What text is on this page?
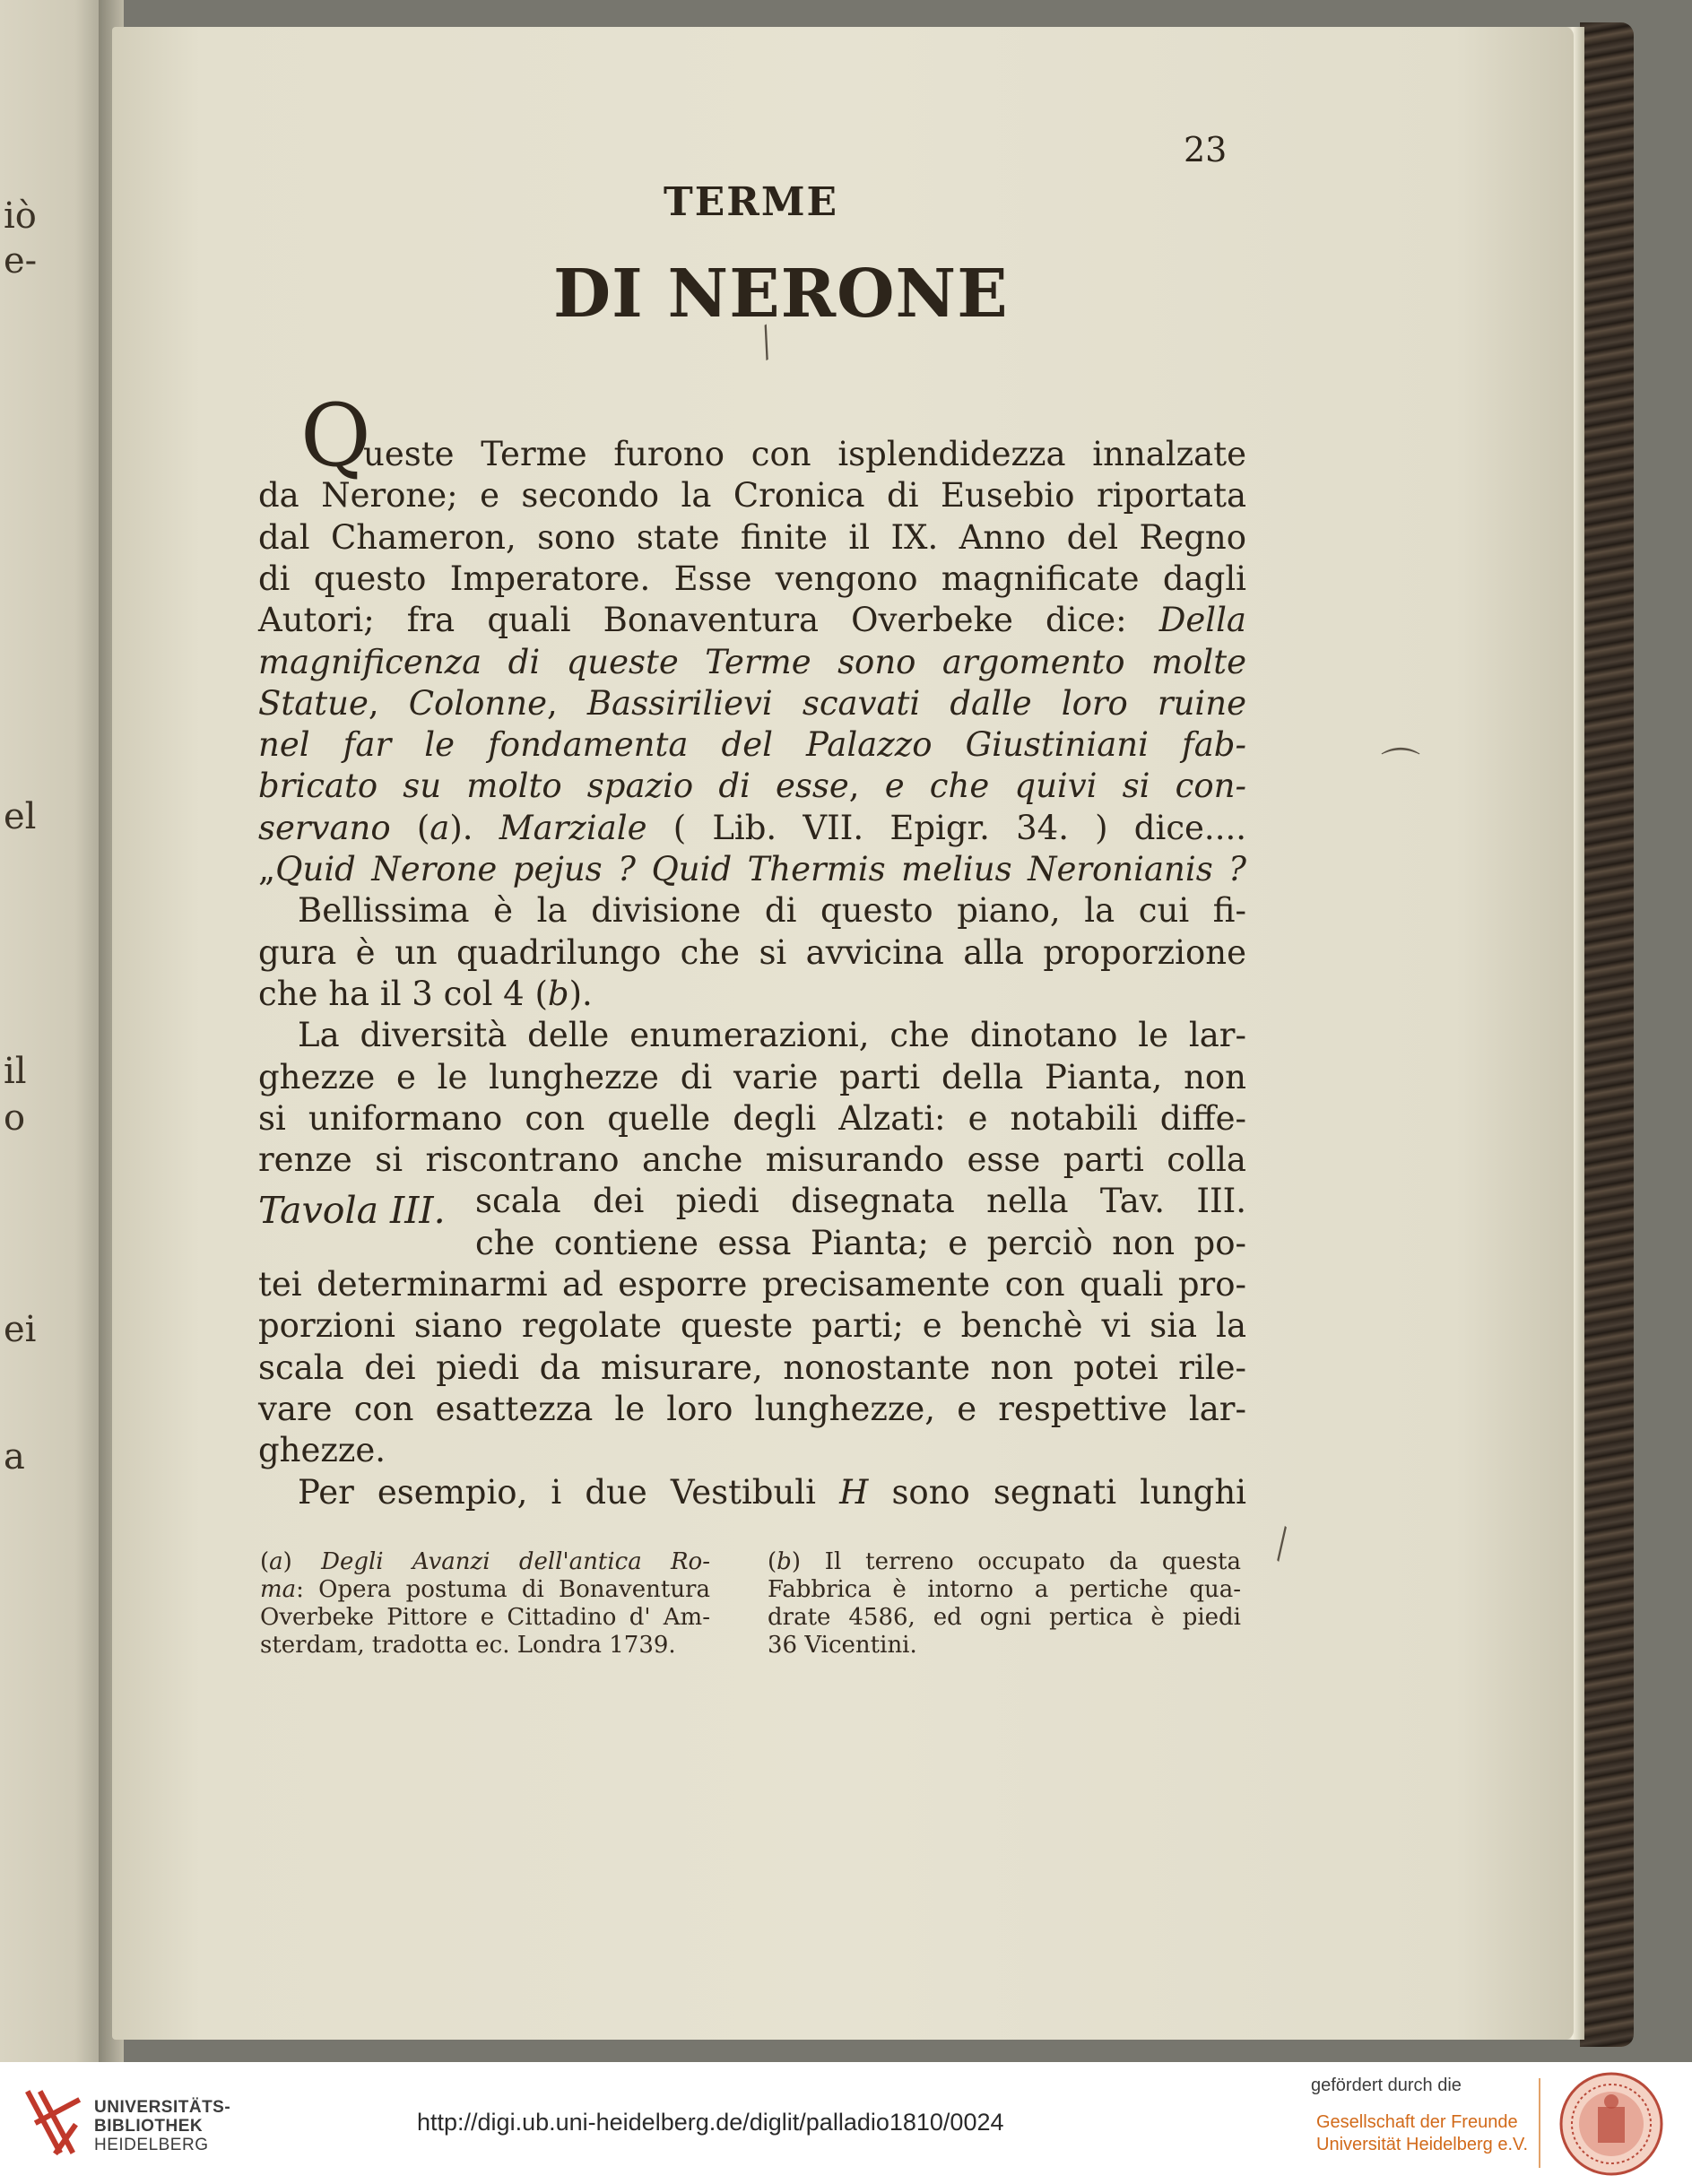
iò
e-
el
il
o
ei
a
23
TERME
DI NERONE
Q
ueste Terme furono con isplendidezza innalzate
da Nerone; e secondo la Cronica di Eusebio riportata
dal Chameron, sono state finite il IX. Anno del Regno
di questo Imperatore. Esse vengono magnificate dagli
Autori; fra quali Bonaventura Overbeke dice: Della
magnificenza di queste Terme sono argomento molte
Statue, Colonne, Bassirilievi scavati dalle loro ruine
nel far le fondamenta del Palazzo Giustiniani fab-
bricato su molto spazio di esse, e che quivi si con-
servano (a). Marziale ( Lib. VII. Epigr. 34. ) dice....
„Quid Nerone pejus ? Quid Thermis melius Neronianis ?
Bellissima è la divisione di questo piano, la cui fi-
gura è un quadrilungo che si avvicina alla proporzione
che ha il 3 col 4 (b).
La diversità delle enumerazioni, che dinotano le lar-
ghezze e le lunghezze di varie parti della Pianta, non
si uniformano con quelle degli Alzati: e notabili diffe-
renze si riscontrano anche misurando esse parti colla
scala dei piedi disegnata nella Tav. III.
che contiene essa Pianta; e perciò non po-
tei determinarmi ad esporre precisamente con quali pro-
porzioni siano regolate queste parti; e benchè vi sia la
scala dei piedi da misurare, nonostante non potei rile-
vare con esattezza le loro lunghezze, e respettive lar-
ghezze.
Per esempio, i due Vestibuli H sono segnati lunghi
Tavola III.
(a) Degli Avanzi dell'antica Ro-
ma: Opera postuma di Bonaventura
Overbeke Pittore e Cittadino d' Am-
sterdam, tradotta ec. Londra 1739.
(b) Il terreno occupato da questa
Fabbrica è intorno a pertiche qua-
drate 4586, ed ogni pertica è piedi
36 Vicentini.
╱
⌒
╲
UNIVERSITÄTS-
BIBLIOTHEK
HEIDELBERG
http://digi.ub.uni-heidelberg.de/diglit/palladio1810/0024
gefördert durch die
Gesellschaft der Freunde
Universität Heidelberg e.V.
